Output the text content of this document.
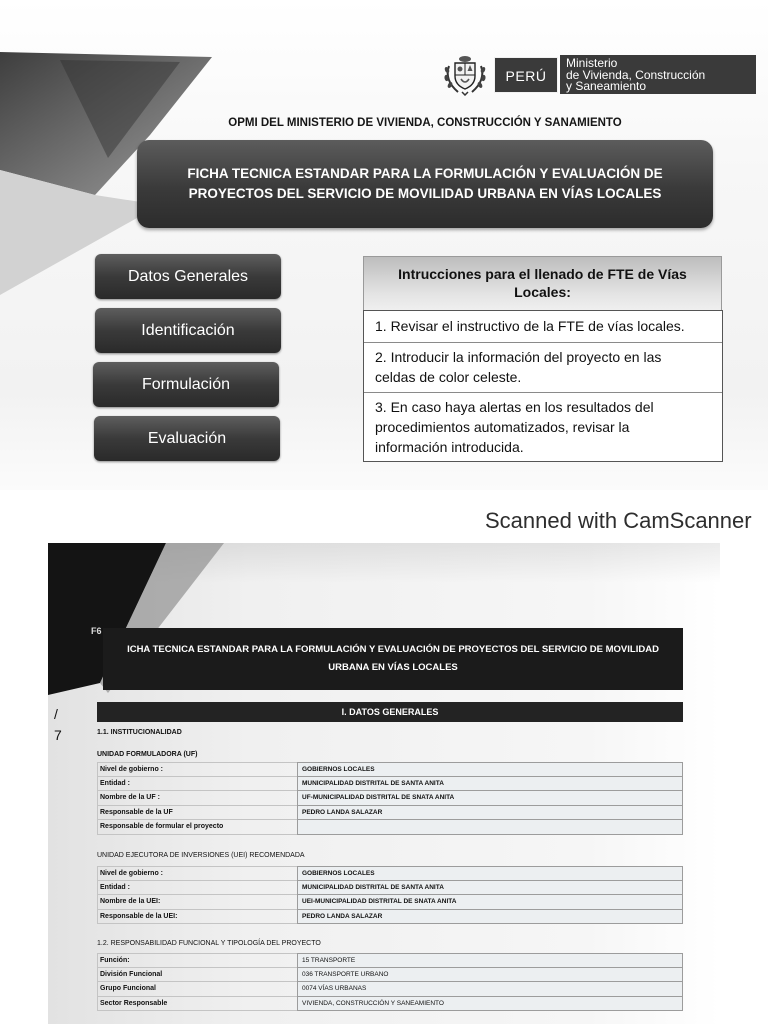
PERÚ
Ministerio
de Vivienda, Construcción
y Saneamiento
OPMI DEL MINISTERIO DE VIVIENDA, CONSTRUCCIÓN Y SANAMIENTO
FICHA TECNICA ESTANDAR PARA LA FORMULACIÓN Y EVALUACIÓN DE
PROYECTOS DEL SERVICIO DE MOVILIDAD URBANA EN VÍAS LOCALES
Datos Generales
Identificación
Formulación
Evaluación
Intrucciones para el llenado de FTE de Vías
Locales:
1. Revisar el instructivo de la FTE de vías locales.
2. Introducir la información del proyecto en las
celdas de color celeste.
3. En caso haya alertas en los resultados del
procedimientos automatizados, revisar la
información introducida.
Scanned with CamScanner
F6
/
7
ICHA TECNICA ESTANDAR PARA LA FORMULACIÓN Y EVALUACIÓN DE PROYECTOS DEL SERVICIO DE MOVILIDAD
URBANA EN VÍAS LOCALES
I. DATOS GENERALES
1.1. INSTITUCIONALIDAD
UNIDAD FORMULADORA (UF)
Nivel de gobierno :	GOBIERNOS LOCALES
Entidad :	MUNICIPALIDAD DISTRITAL DE SANTA ANITA
Nombre de la UF :	UF-MUNICIPALIDAD DISTRITAL DE SNATA ANITA
Responsable de la UF	PEDRO LANDA SALAZAR
Responsable de formular el proyecto
UNIDAD EJECUTORA DE INVERSIONES (UEI) RECOMENDADA
Nivel de gobierno :	GOBIERNOS LOCALES
Entidad :	MUNICIPALIDAD DISTRITAL DE SANTA ANITA
Nombre de la UEI:	UEI-MUNICIPALIDAD DISTRITAL DE SNATA ANITA
Responsable de la UEI:	PEDRO LANDA SALAZAR
1.2. RESPONSABILIDAD FUNCIONAL Y TIPOLOGÍA DEL PROYECTO
Función:	15 TRANSPORTE
División Funcional	036 TRANSPORTE URBANO
Grupo Funcional	0074 VÍAS URBANAS
Sector Responsable	VIVIENDA, CONSTRUCCIÓN Y SANEAMIENTO
